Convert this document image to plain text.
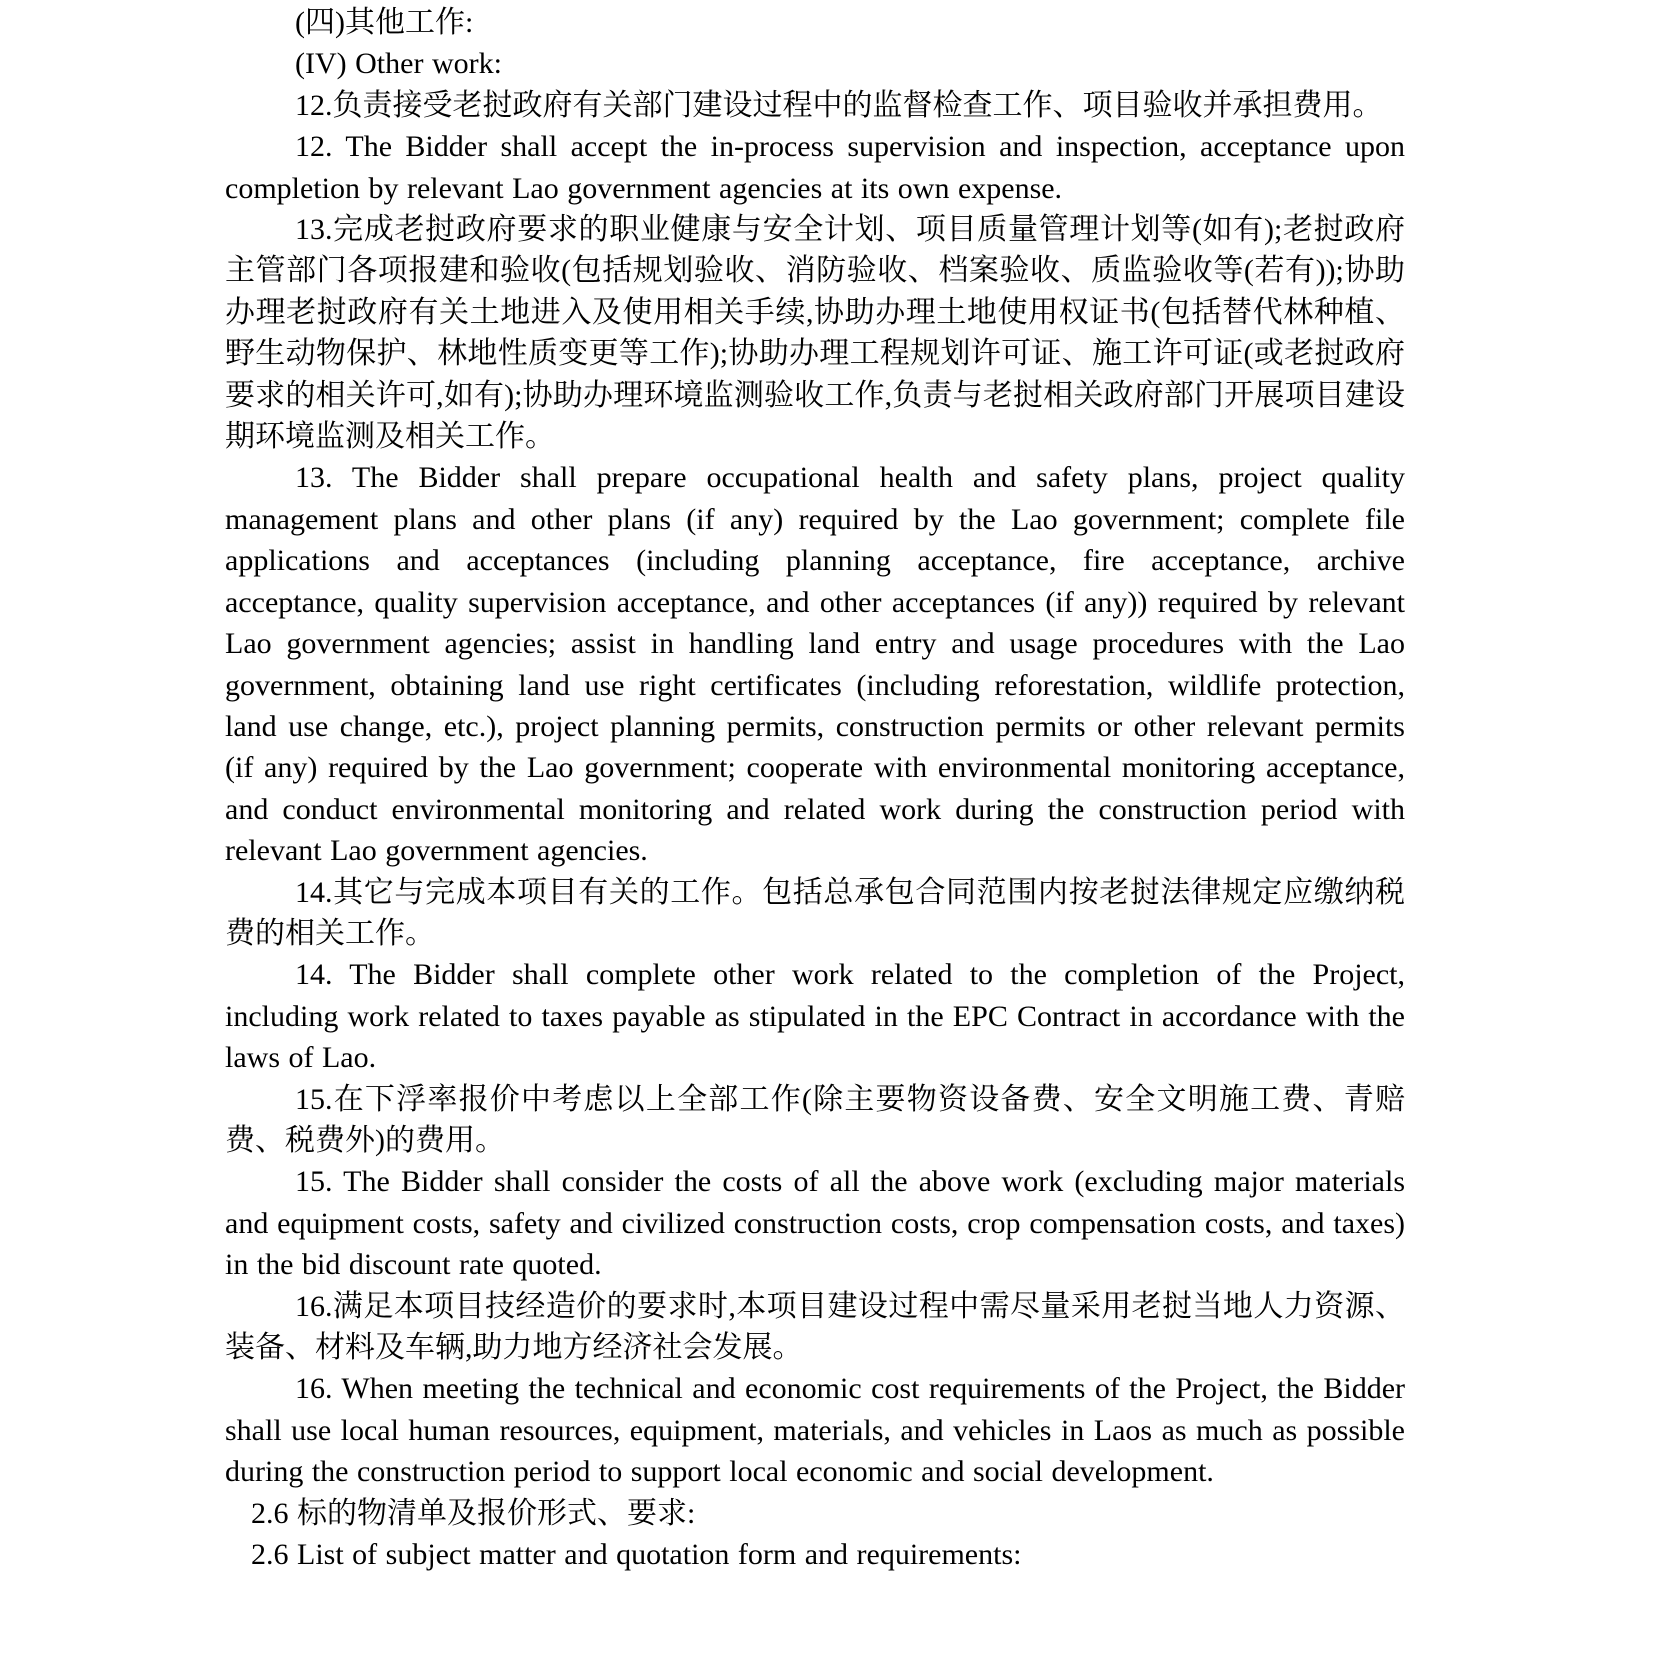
(四)其他工作:

(IV) Other work:

12.负责接受老挝政府有关部门建设过程中的监督检查工作、项目验收并承担费用。

12. The Bidder shall accept the in-process supervision and inspection, acceptance upon completion by relevant Lao government agencies at its own expense.

13.完成老挝政府要求的职业健康与安全计划、项目质量管理计划等(如有);老挝政府主管部门各项报建和验收(包括规划验收、消防验收、档案验收、质监验收等(若有));协助办理老挝政府有关土地进入及使用相关手续,协助办理土地使用权证书(包括替代林种植、野生动物保护、林地性质变更等工作);协助办理工程规划许可证、施工许可证(或老挝政府要求的相关许可,如有);协助办理环境监测验收工作,负责与老挝相关政府部门开展项目建设期环境监测及相关工作。

13. The Bidder shall prepare occupational health and safety plans, project quality management plans and other plans (if any) required by the Lao government; complete file applications and acceptances (including planning acceptance, fire acceptance, archive acceptance, quality supervision acceptance, and other acceptances (if any)) required by relevant Lao government agencies; assist in handling land entry and usage procedures with the Lao government, obtaining land use right certificates (including reforestation, wildlife protection, land use change, etc.), project planning permits, construction permits or other relevant permits (if any) required by the Lao government; cooperate with environmental monitoring acceptance, and conduct environmental monitoring and related work during the construction period with relevant Lao government agencies.

14.其它与完成本项目有关的工作。包括总承包合同范围内按老挝法律规定应缴纳税费的相关工作。

14. The Bidder shall complete other work related to the completion of the Project, including work related to taxes payable as stipulated in the EPC Contract in accordance with the laws of Lao.

15.在下浮率报价中考虑以上全部工作(除主要物资设备费、安全文明施工费、青赔费、税费外)的费用。

15. The Bidder shall consider the costs of all the above work (excluding major materials and equipment costs, safety and civilized construction costs, crop compensation costs, and taxes) in the bid discount rate quoted.

16.满足本项目技经造价的要求时,本项目建设过程中需尽量采用老挝当地人力资源、装备、材料及车辆,助力地方经济社会发展。

16. When meeting the technical and economic cost requirements of the Project, the Bidder shall use local human resources, equipment, materials, and vehicles in Laos as much as possible during the construction period to support local economic and social development.

2.6 标的物清单及报价形式、要求:

2.6 List of subject matter and quotation form and requirements:
